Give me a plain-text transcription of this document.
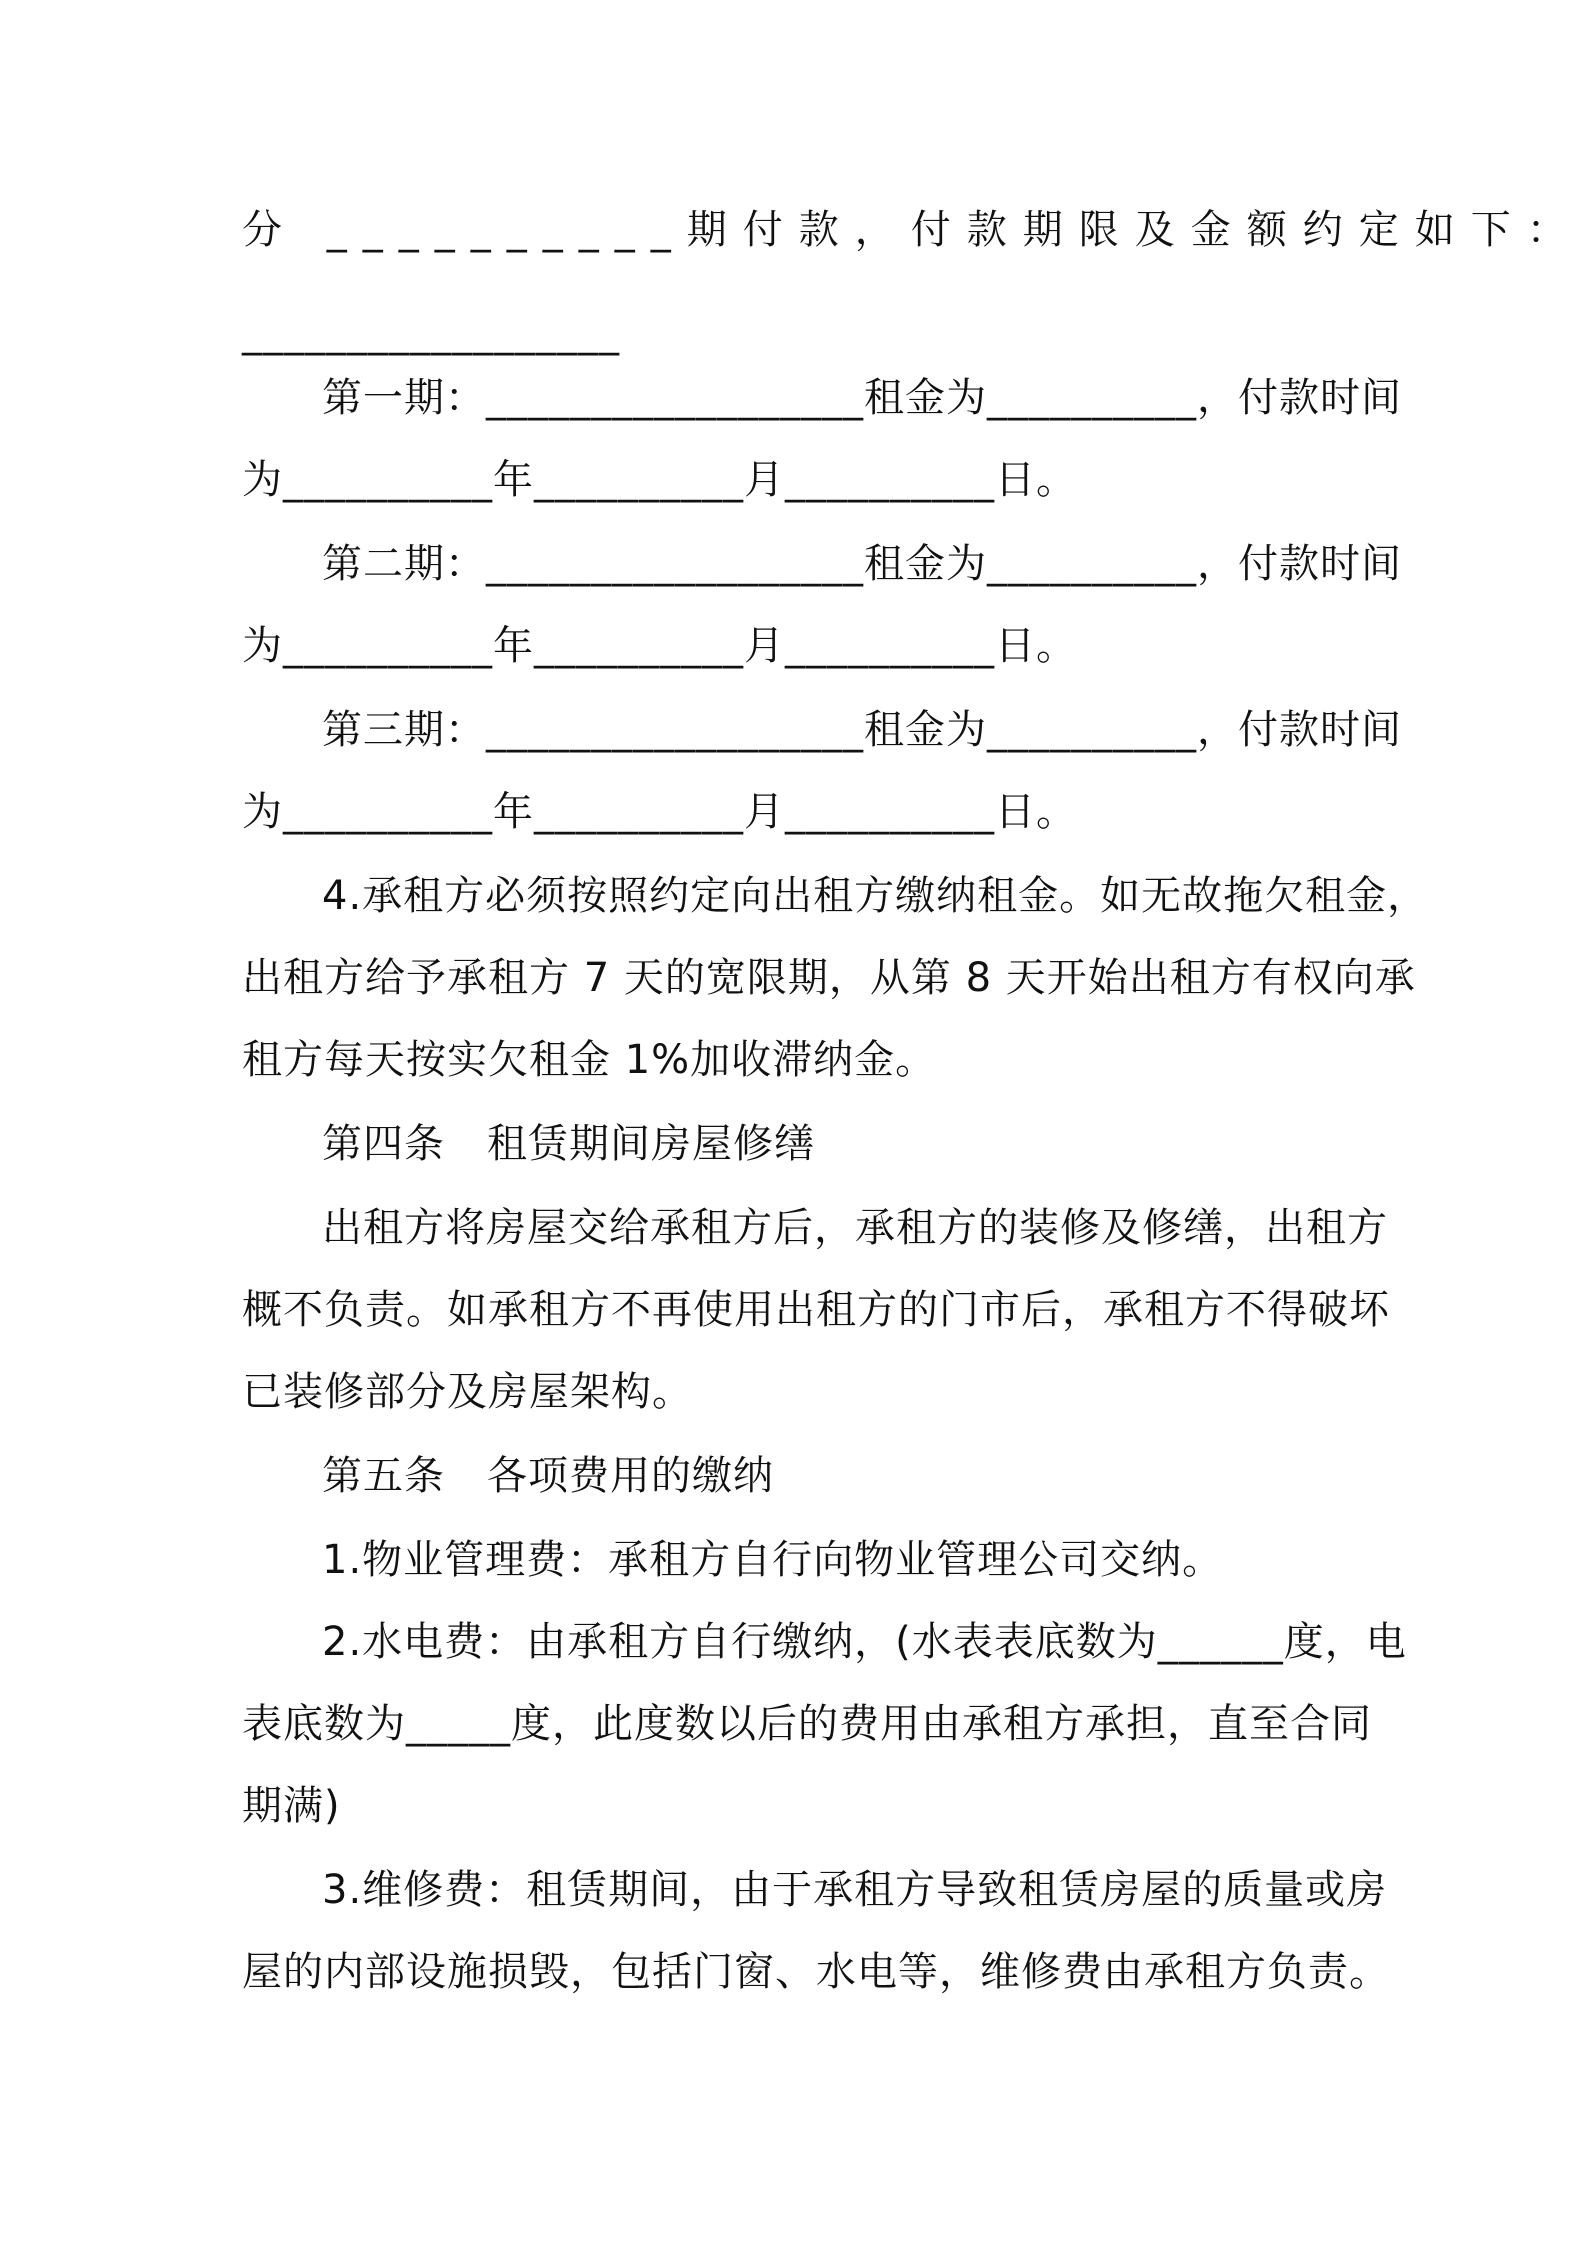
分 __________期付款，付款期限及金额约定如下：
__________________
第一期：__________________租金为__________，付款时间
为__________年__________月__________日。
第二期：__________________租金为__________，付款时间
为__________年__________月__________日。
第三期：__________________租金为__________，付款时间
为__________年__________月__________日。
4.承租方必须按照约定向出租方缴纳租金。如无故拖欠租金，
出租方给予承租方 7 天的宽限期，从第 8 天开始出租方有权向承
租方每天按实欠租金 1%加收滞纳金。
第四条 租赁期间房屋修缮
出租方将房屋交给承租方后，承租方的装修及修缮，出租方
概不负责。如承租方不再使用出租方的门市后，承租方不得破坏
已装修部分及房屋架构。
第五条 各项费用的缴纳
1.物业管理费：承租方自行向物业管理公司交纳。
2.水电费：由承租方自行缴纳，(水表表底数为______度，电
表底数为_____度，此度数以后的费用由承租方承担，直至合同
期满)
3.维修费：租赁期间，由于承租方导致租赁房屋的质量或房
屋的内部设施损毁，包括门窗、水电等，维修费由承租方负责。
